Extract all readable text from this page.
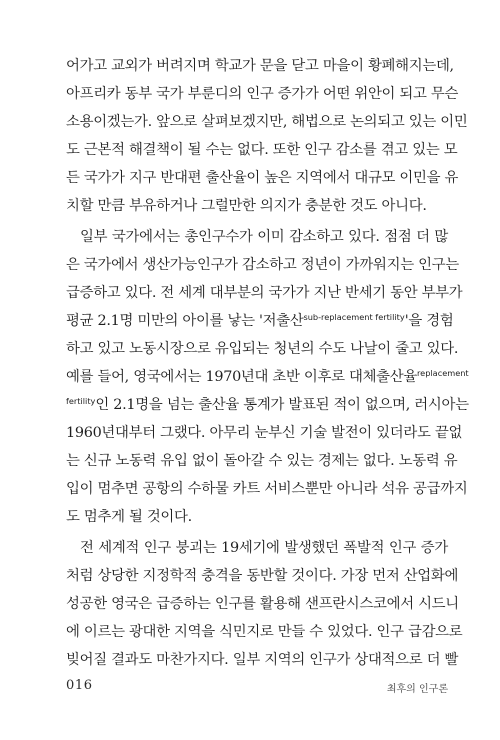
어가고 교외가 버려지며 학교가 문을 닫고 마을이 황폐해지는데,
아프리카 동부 국가 부룬디의 인구 증가가 어떤 위안이 되고 무슨
소용이겠는가. 앞으로 살펴보겠지만, 해법으로 논의되고 있는 이민
도 근본적 해결책이 될 수는 없다. 또한 인구 감소를 겪고 있는 모
든 국가가 지구 반대편 출산율이 높은 지역에서 대규모 이민을 유
치할 만큼 부유하거나 그럴만한 의지가 충분한 것도 아니다.
일부 국가에서는 총인구수가 이미 감소하고 있다. 점점 더 많
은 국가에서 생산가능인구가 감소하고 정년이 가까워지는 인구는
급증하고 있다. 전 세계 대부분의 국가가 지난 반세기 동안 부부가
평균 2.1명 미만의 아이를 낳는 '저출산$^{sub-replacement fertility}$'을 경험
하고 있고 노동시장으로 유입되는 청년의 수도 나날이 줄고 있다.
예를 들어, 영국에서는 1970년대 초반 이후로 대체출산율$^{replacement}$
$^{fertility}$인 2.1명을 넘는 출산율 통계가 발표된 적이 없으며, 러시아는
1960년대부터 그랬다. 아무리 눈부신 기술 발전이 있더라도 끝없
는 신규 노동력 유입 없이 돌아갈 수 있는 경제는 없다. 노동력 유
입이 멈추면 공항의 수하물 카트 서비스뿐만 아니라 석유 공급까지
도 멈추게 될 것이다.
전 세계적 인구 붕괴는 19세기에 발생했던 폭발적 인구 증가
처럼 상당한 지정학적 충격을 동반할 것이다. 가장 먼저 산업화에
성공한 영국은 급증하는 인구를 활용해 샌프란시스코에서 시드니
에 이르는 광대한 지역을 식민지로 만들 수 있었다. 인구 급감으로
빚어질 결과도 마찬가지다. 일부 지역의 인구가 상대적으로 더 빨
016	최후의 인구론
